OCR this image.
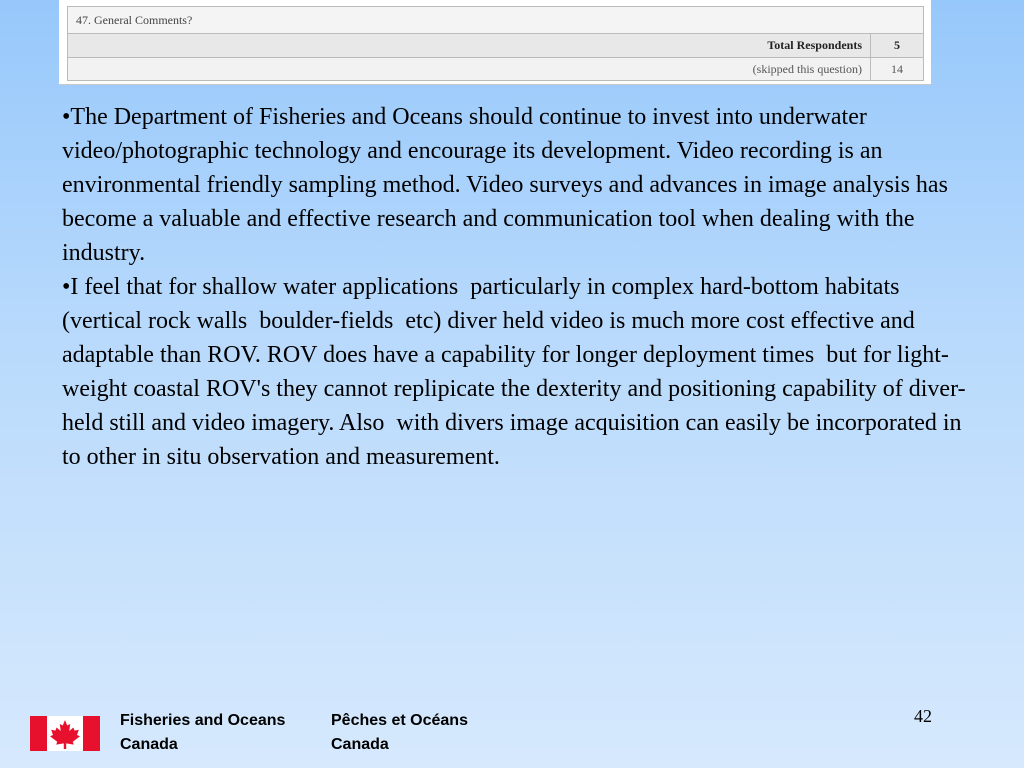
47. General Comments?	
Total Respondents	5
(skipped this question)	14

•The Department of Fisheries and Oceans should continue to invest into underwater video/photographic technology and encourage its development. Video recording is an environmental friendly sampling method. Video surveys and advances in image analysis has become a valuable and effective research and communication tool when dealing with the industry.

•I feel that for shallow water applications  particularly in complex hard-bottom habitats (vertical rock walls  boulder-fields  etc) diver held video is much more cost effective and adaptable than ROV. ROV does have a capability for longer deployment times  but for light-weight coastal ROV's they cannot replipicate the dexterity and positioning capability of diver-held still and video imagery. Also  with divers image acquisition can easily be incorporated in to other in situ observation and measurement.

42
Fisheries and Oceans
Canada
Pêches et Océans
Canada
